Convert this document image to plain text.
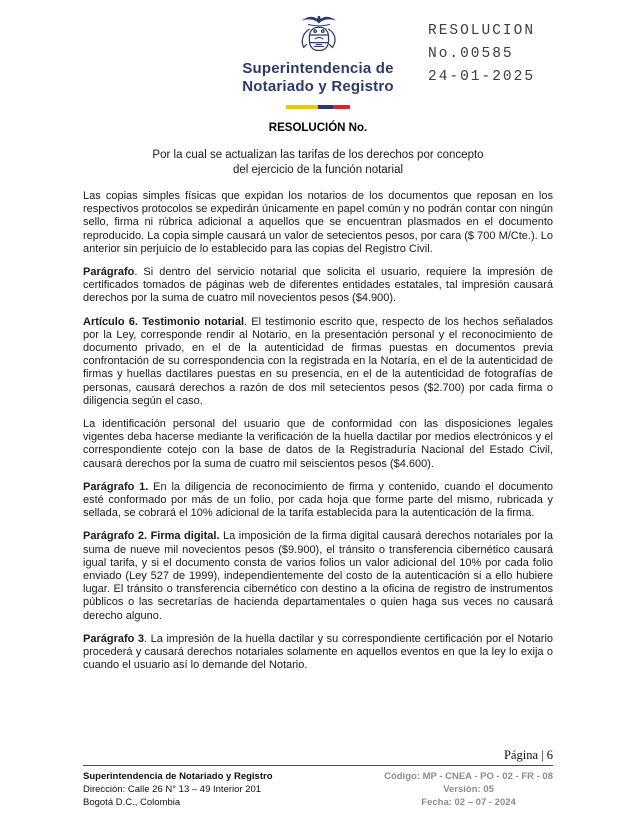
Superintendencia de
Notariado y Registro
RESOLUCION
No.00585
24-01-2025
RESOLUCIÓN No.
Por la cual se actualizan las tarifas de los derechos por concepto
del ejercicio de la función notarial

Las copias simples físicas que expidan los notarios de los documentos que reposan en los respectivos protocolos se expedirán únicamente en papel común y no podrán contar con ningún sello, firma ni rúbrica adicional a aquellos que se encuentran plasmados en el documento reproducido. La copia simple causará un valor de setecientos pesos, por cara ($ 700 M/Cte.). Lo anterior sin perjuicio de lo establecido para las copias del Registro Civil.

Parágrafo. Si dentro del servicio notarial que solicita el usuario, requiere la impresión de certificados tomados de páginas web de diferentes entidades estatales, tal impresión causará derechos por la suma de cuatro mil novecientos pesos ($4.900).

Artículo 6. Testimonio notarial. El testimonio escrito que, respecto de los hechos señalados por la Ley, corresponde rendir al Notario, en la presentación personal y el reconocimiento de documento privado, en el de la autenticidad de firmas puestas en documentos previa confrontación de su correspondencia con la registrada en la Notaría, en el de la autenticidad de firmas y huellas dactilares puestas en su presencia, en el de la autenticidad de fotografías de personas, causará derechos a razón de dos mil setecientos pesos ($2.700) por cada firma o diligencia según el caso.

La identificación personal del usuario que de conformidad con las disposiciones legales vigentes deba hacerse mediante la verificación de la huella dactilar por medios electrónicos y el correspondiente cotejo con la base de datos de la Registraduría Nacional del Estado Civil, causará derechos por la suma de cuatro mil seiscientos pesos ($4.600).

Parágrafo 1. En la diligencia de reconocimiento de firma y contenido, cuando el documento esté conformado por más de un folio, por cada hoja que forme parte del mismo, rubricada y sellada, se cobrará el 10% adicional de la tarifa establecida para la autenticación de la firma.

Parágrafo 2. Firma digital. La imposición de la firma digital causará derechos notariales por la suma de nueve mil novecientos pesos ($9.900), el tránsito o transferencia cibernético causará igual tarifa, y si el documento consta de varios folios un valor adicional del 10% por cada folio enviado (Ley 527 de 1999), independientemente del costo de la autenticación si a ello hubiere lugar. El tránsito o transferencia cibernético con destino a la oficina de registro de instrumentos públicos o las secretarías de hacienda departamentales o quien haga sus veces no causará derecho alguno.

Parágrafo 3. La impresión de la huella dactilar y su correspondiente certificación por el Notario procederá y causará derechos notariales solamente en aquellos eventos en que la ley lo exija o cuando el usuario así lo demande del Notario.

Página | 6
Superintendencia de Notariado y Registro
Dirección: Calle 26 N° 13 – 49 Interior 201
Bogotá D.C., Colombia
Código: MP - CNEA - PO - 02 - FR - 08
Versión: 05
Fecha: 02 – 07 - 2024
